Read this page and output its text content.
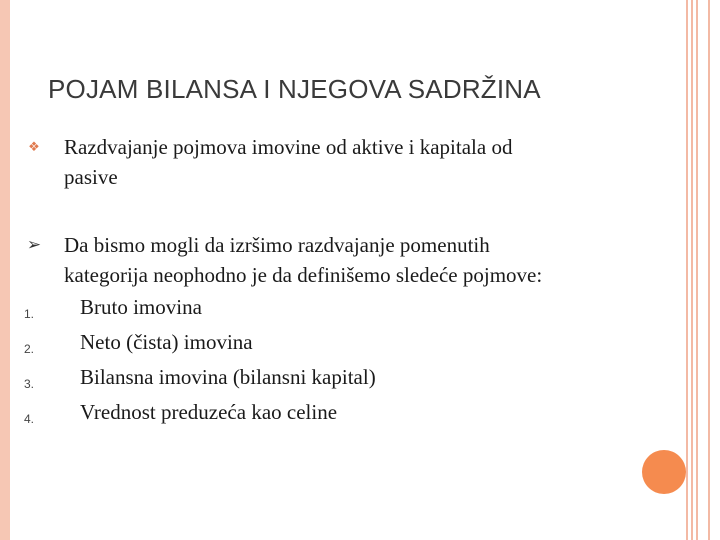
POJAM BILANSA I NJEGOVA SADRŽINA
❖ Razdvajanje pojmova imovine od aktive i kapitala od
pasive
➢ Da bismo mogli da izršimo razdvajanje pomenutih
kategorija neophodno je da definišemo sledeće pojmove:
1.	Bruto imovina
2.	Neto (čista) imovina
3.	Bilansna imovina (bilansni kapital)
4.	Vrednost preduzeća kao celine
